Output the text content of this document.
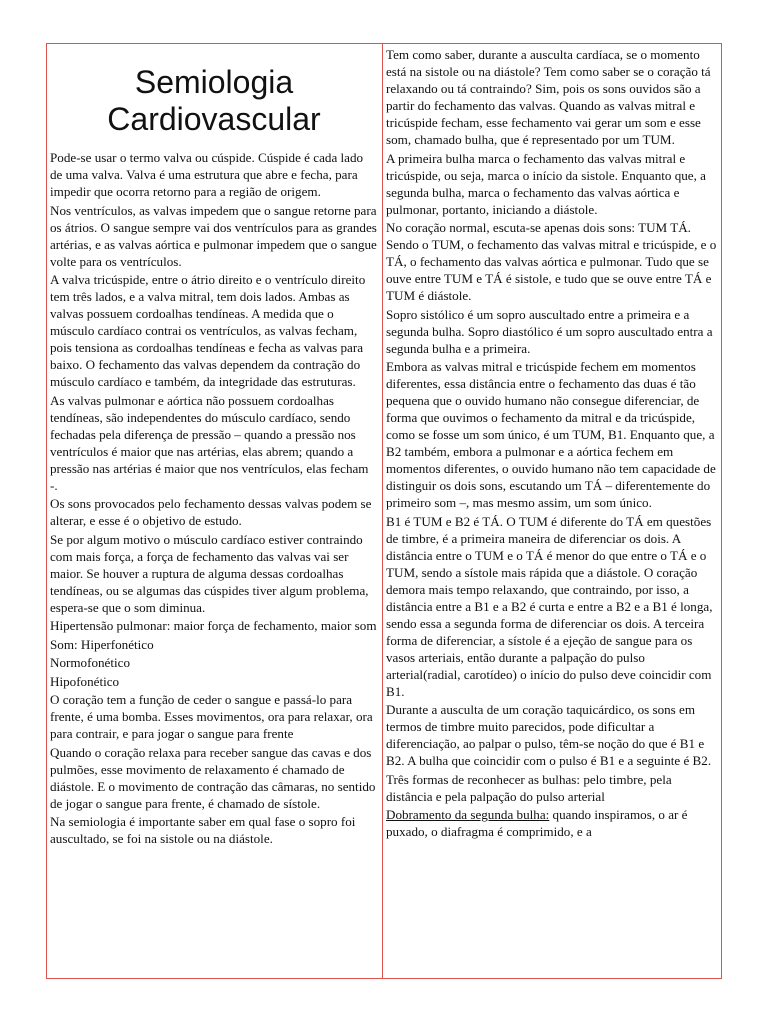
Semiologia
Cardiovascular

Pode-se usar o termo valva ou cúspide. Cúspide é cada lado de uma valva. Valva é uma estrutura que abre e fecha, para impedir que ocorra retorno para a região de origem.

Nos ventrículos, as valvas impedem que o sangue retorne para os átrios. O sangue sempre vai dos ventrículos para as grandes artérias, e as valvas aórtica e pulmonar impedem que o sangue volte para os ventrículos.

A valva tricúspide, entre o átrio direito e o ventrículo direito tem três lados, e a valva mitral, tem dois lados. Ambas as valvas possuem cordoalhas tendíneas. A medida que o músculo cardíaco contrai os ventrículos, as valvas fecham, pois tensiona as cordoalhas tendíneas e fecha as valvas para baixo. O fechamento das valvas dependem da contração do músculo cardíaco e também, da integridade das estruturas.

As valvas pulmonar e aórtica não possuem cordoalhas tendíneas, são independentes do músculo cardíaco, sendo fechadas pela diferença de pressão – quando a pressão nos ventrículos é maior que nas artérias, elas abrem; quando a pressão nas artérias é maior que nos ventrículos, elas fecham -.

Os sons provocados pelo fechamento dessas valvas podem se alterar, e esse é o objetivo de estudo.

Se por algum motivo o músculo cardíaco estiver contraindo com mais força, a força de fechamento das valvas vai ser maior. Se houver a ruptura de alguma dessas cordoalhas tendíneas, ou se algumas das cúspides tiver algum problema, espera-se que o som diminua.

Hipertensão pulmonar: maior força de fechamento, maior som

Som: Hiperfonético

Normofonético

Hipofonético

O coração tem a função de ceder o sangue e passá-lo para frente, é uma bomba. Esses movimentos, ora para relaxar, ora para contrair, e para jogar o sangue para frente

Quando o coração relaxa para receber sangue das cavas e dos pulmões, esse movimento de relaxamento é chamado de diástole. E o movimento de contração das câmaras, no sentido de jogar o sangue para frente, é chamado de sístole.

Na semiologia é importante saber em qual fase o sopro foi auscultado, se foi na sistole ou na diástole.

Tem como saber, durante a ausculta cardíaca, se o momento está na sistole ou na diástole? Tem como saber se o coração tá relaxando ou tá contraindo? Sim, pois os sons ouvidos são a partir do fechamento das valvas. Quando as valvas mitral e tricúspide fecham, esse fechamento vai gerar um som e esse som, chamado bulha, que é representado por um TUM.

A primeira bulha marca o fechamento das valvas mitral e tricúspide, ou seja, marca o início da sistole. Enquanto que, a segunda bulha, marca o fechamento das valvas aórtica e pulmonar, portanto, iniciando a diástole.

No coração normal, escuta-se apenas dois sons: TUM TÁ. Sendo o TUM, o fechamento das valvas mitral e tricúspide, e o TÁ, o fechamento das valvas aórtica e pulmonar. Tudo que se ouve entre TUM e TÁ é sistole, e tudo que se ouve entre TÁ e TUM é diástole.

Sopro sistólico é um sopro auscultado entre a primeira e a segunda bulha. Sopro diastólico é um sopro auscultado entra a segunda bulha e a primeira.

Embora as valvas mitral e tricúspide fechem em momentos diferentes, essa distância entre o fechamento das duas é tão pequena que o ouvido humano não consegue diferenciar, de forma que ouvimos o fechamento da mitral e da tricúspide, como se fosse um som único, é um TUM, B1. Enquanto que, a B2 também, embora a pulmonar e a aórtica fechem em momentos diferentes, o ouvido humano não tem capacidade de distinguir os dois sons, escutando um TÁ – diferentemente do primeiro som –, mas mesmo assim, um som único.

B1 é TUM e B2 é TÁ. O TUM é diferente do TÁ em questões de timbre, é a primeira maneira de diferenciar os dois. A distância entre o TUM e o TÁ é menor do que entre o TÁ e o TUM, sendo a sístole mais rápida que a diástole. O coração demora mais tempo relaxando, que contraindo, por isso, a distância entre a B1 e a B2 é curta e entre a B2 e a B1 é longa, sendo essa a segunda forma de diferenciar os dois. A terceira forma de diferenciar, a sístole é a ejeção de sangue para os vasos arteriais, então durante a palpação do pulso arterial(radial, carotídeo) o início do pulso deve coincidir com B1.

Durante a ausculta de um coração taquicárdico, os sons em termos de timbre muito parecidos, pode dificultar a diferenciação, ao palpar o pulso, têm-se noção do que é B1 e B2. A bulha que coincidir com o pulso é B1 e a seguinte é B2.

Três formas de reconhecer as bulhas: pelo timbre, pela distância e pela palpação do pulso arterial

Dobramento da segunda bulha: quando inspiramos, o ar é puxado, o diafragma é comprimido, e a
